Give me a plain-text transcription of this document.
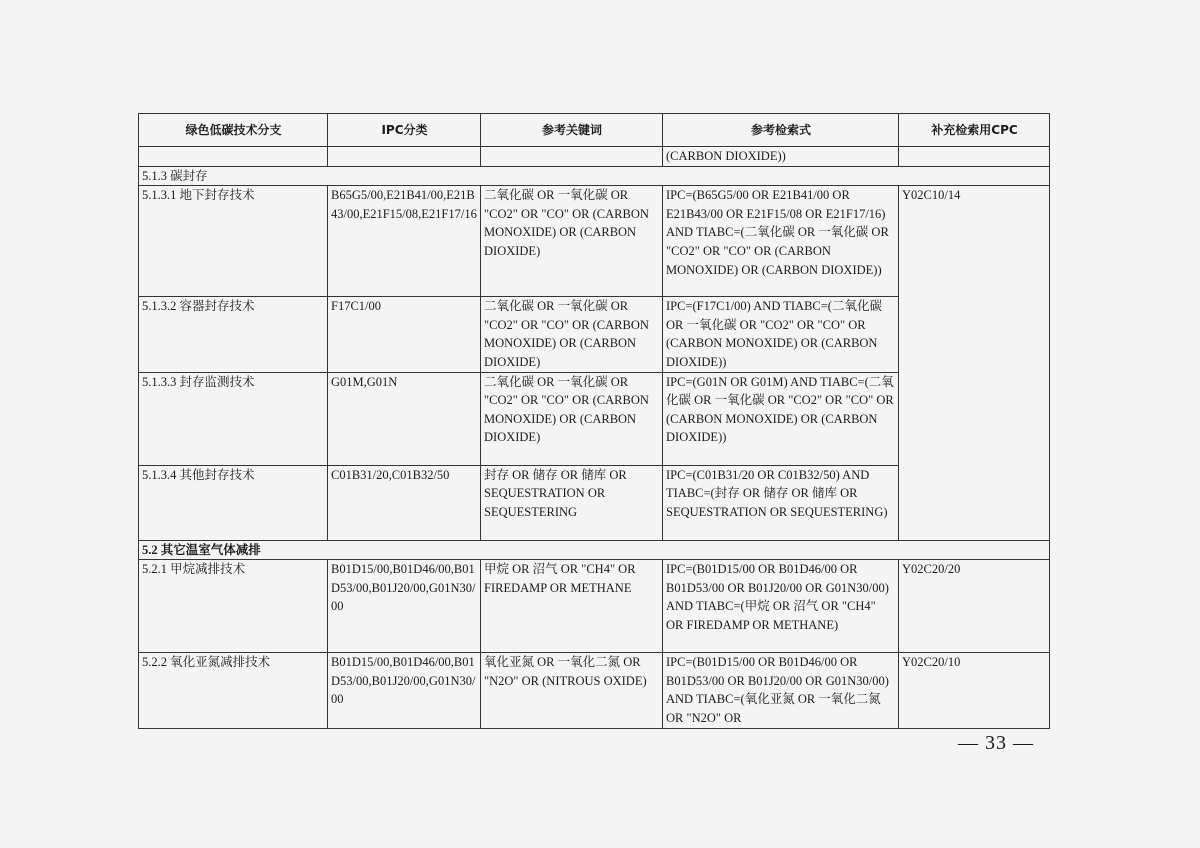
绿色低碳技术分支	IPC分类	参考关键词	参考检索式	补充检索用CPC
			(CARBON DIOXIDE))	
5.1.3 碳封存				
5.1.3.1 地下封存技术	B65G5/00,E21B41/00,E21B43/00,E21F15/08,E21F17/16	二氧化碳 OR 一氧化碳 OR "CO2" OR "CO" OR (CARBON MONOXIDE) OR (CARBON DIOXIDE)	IPC=(B65G5/00 OR E21B41/00 OR E21B43/00 OR E21F15/08 OR E21F17/16) AND TIABC=(二氧化碳 OR 一氧化碳 OR "CO2" OR "CO" OR (CARBON MONOXIDE) OR (CARBON DIOXIDE))	Y02C10/14
5.1.3.2 容器封存技术	F17C1/00	二氧化碳 OR 一氧化碳 OR "CO2" OR "CO" OR (CARBON MONOXIDE) OR (CARBON DIOXIDE)	IPC=(F17C1/00) AND TIABC=(二氧化碳 OR 一氧化碳 OR "CO2" OR "CO" OR (CARBON MONOXIDE) OR (CARBON DIOXIDE))	
5.1.3.3 封存监测技术	G01M,G01N	二氧化碳 OR 一氧化碳 OR "CO2" OR "CO" OR (CARBON MONOXIDE) OR (CARBON DIOXIDE)	IPC=(G01N OR G01M) AND TIABC=(二氧化碳 OR 一氧化碳 OR "CO2" OR "CO" OR (CARBON MONOXIDE) OR (CARBON DIOXIDE))	
5.1.3.4 其他封存技术	C01B31/20,C01B32/50	封存 OR 储存 OR 储库 OR SEQUESTRATION OR SEQUESTERING	IPC=(C01B31/20 OR C01B32/50) AND TIABC=(封存 OR 储存 OR 储库 OR SEQUESTRATION OR SEQUESTERING)	
5.2 其它温室气体减排				
5.2.1 甲烷减排技术	B01D15/00,B01D46/00,B01D53/00,B01J20/00,G01N30/00	甲烷 OR 沼气 OR "CH4" OR FIREDAMP OR METHANE	IPC=(B01D15/00 OR B01D46/00 OR B01D53/00 OR B01J20/00 OR G01N30/00) AND TIABC=(甲烷 OR 沼气 OR "CH4" OR FIREDAMP OR METHANE)	Y02C20/20
5.2.2 氧化亚氮减排技术	B01D15/00,B01D46/00,B01D53/00,B01J20/00,G01N30/00	氧化亚氮 OR 一氧化二氮 OR "N2O" OR (NITROUS OXIDE)	IPC=(B01D15/00 OR B01D46/00 OR B01D53/00 OR B01J20/00 OR G01N30/00) AND TIABC=(氧化亚氮 OR 一氧化二氮 OR "N2O" OR	Y02C20/10
— 33 —
